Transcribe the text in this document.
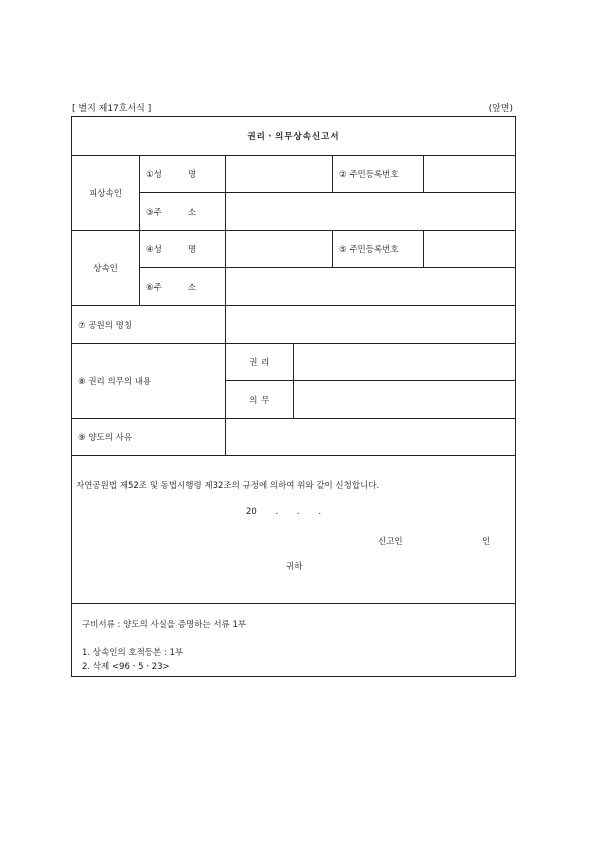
[ 별지 제17호서식 ]	(앞면)
권리ㆍ의무상속신고서					
피상속인	①성 명			② 주민등록번호	
	③주 소				
상속인	④성 명			⑤ 주민등록번호	
	⑥주 소				
⑦ 공원의 명칭					
⑧ 권리 의무의 내용		권 리			
		의 무			
⑨ 양도의 사유					

자연공원법 제52조 및 동법시행령 제32조의 규정에 의하여 위와 같이 신청합니다.
20 . . .
신고인 인
귀하					

구비서류 : 양도의 사실을 증명하는 서류 1부
1. 상속인의 호적등본 : 1부
2. 삭제 <96ㆍ5ㆍ23>					
